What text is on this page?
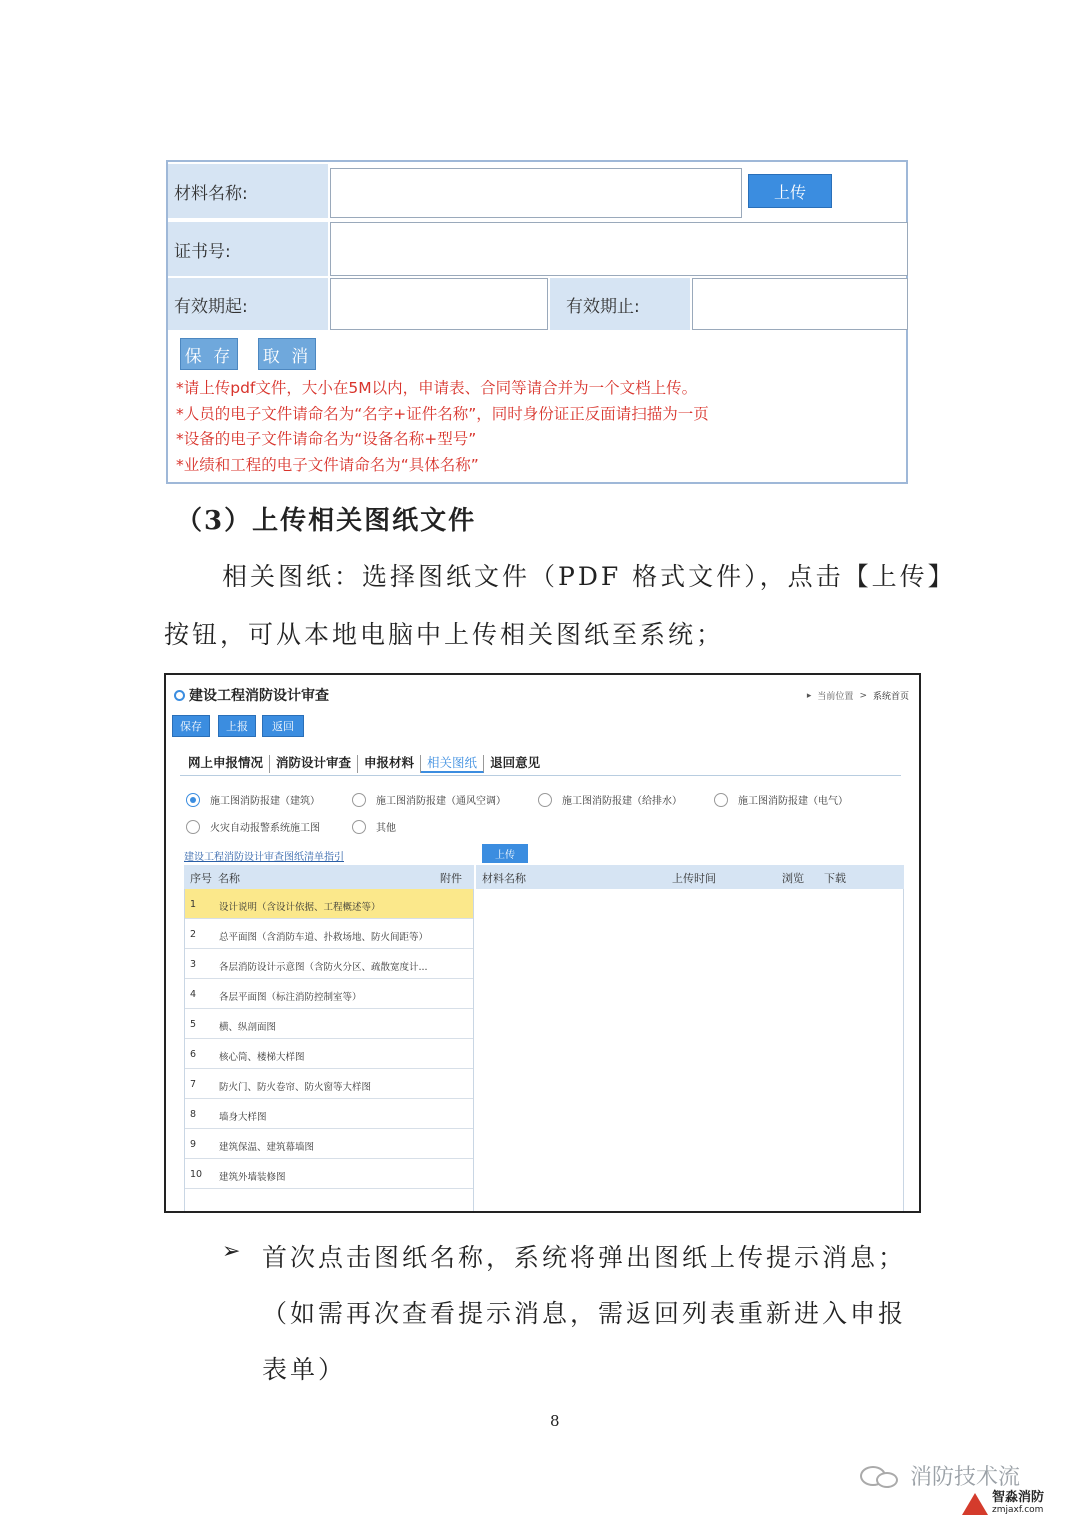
材料名称:	上传
证书号:
有效期起:	有效期止:
保 存 取 消
*请上传pdf文件，大小在5M以内，申请表、合同等请合并为一个文档上传。
*人员的电子文件请命名为“名字+证件名称”，同时身份证正反面请扫描为一页
*设备的电子文件请命名为“设备名称+型号”
*业绩和工程的电子文件请命名为“具体名称”
（3）上传相关图纸文件
相关图纸：选择图纸文件（PDF 格式文件），点击【上传】
按钮，可从本地电脑中上传相关图纸至系统；
建设工程消防设计审查	▸ 当前位置 > 系统首页
保存	上报	返回
网上申报情况	消防设计审查	申报材料	相关图纸	退回意见
施工图消防报建（建筑）	施工图消防报建（通风空调）	施工图消防报建（给排水）	施工图消防报建（电气）
火灾自动报警系统施工图	其他
建设工程消防设计审查图纸清单指引	上传
序号 名称	附件 材料名称	上传时间	浏览 下载
1 设计说明（含设计依据、工程概述等）
2 总平面图（含消防车道、扑救场地、防火间距等）
3 各层消防设计示意图（含防火分区、疏散宽度计...
4 各层平面图（标注消防控制室等）
5 横、纵剖面图
6 核心筒、楼梯大样图
7 防火门、防火卷帘、防火窗等大样图
8 墙身大样图
9 建筑保温、建筑幕墙图
10 建筑外墙装修图
➢ 首次点击图纸名称，系统将弹出图纸上传提示消息；
（如需再次查看提示消息，需返回列表重新进入申报
表单）
8
消防技术流
智淼消防
zmjaxf.com
